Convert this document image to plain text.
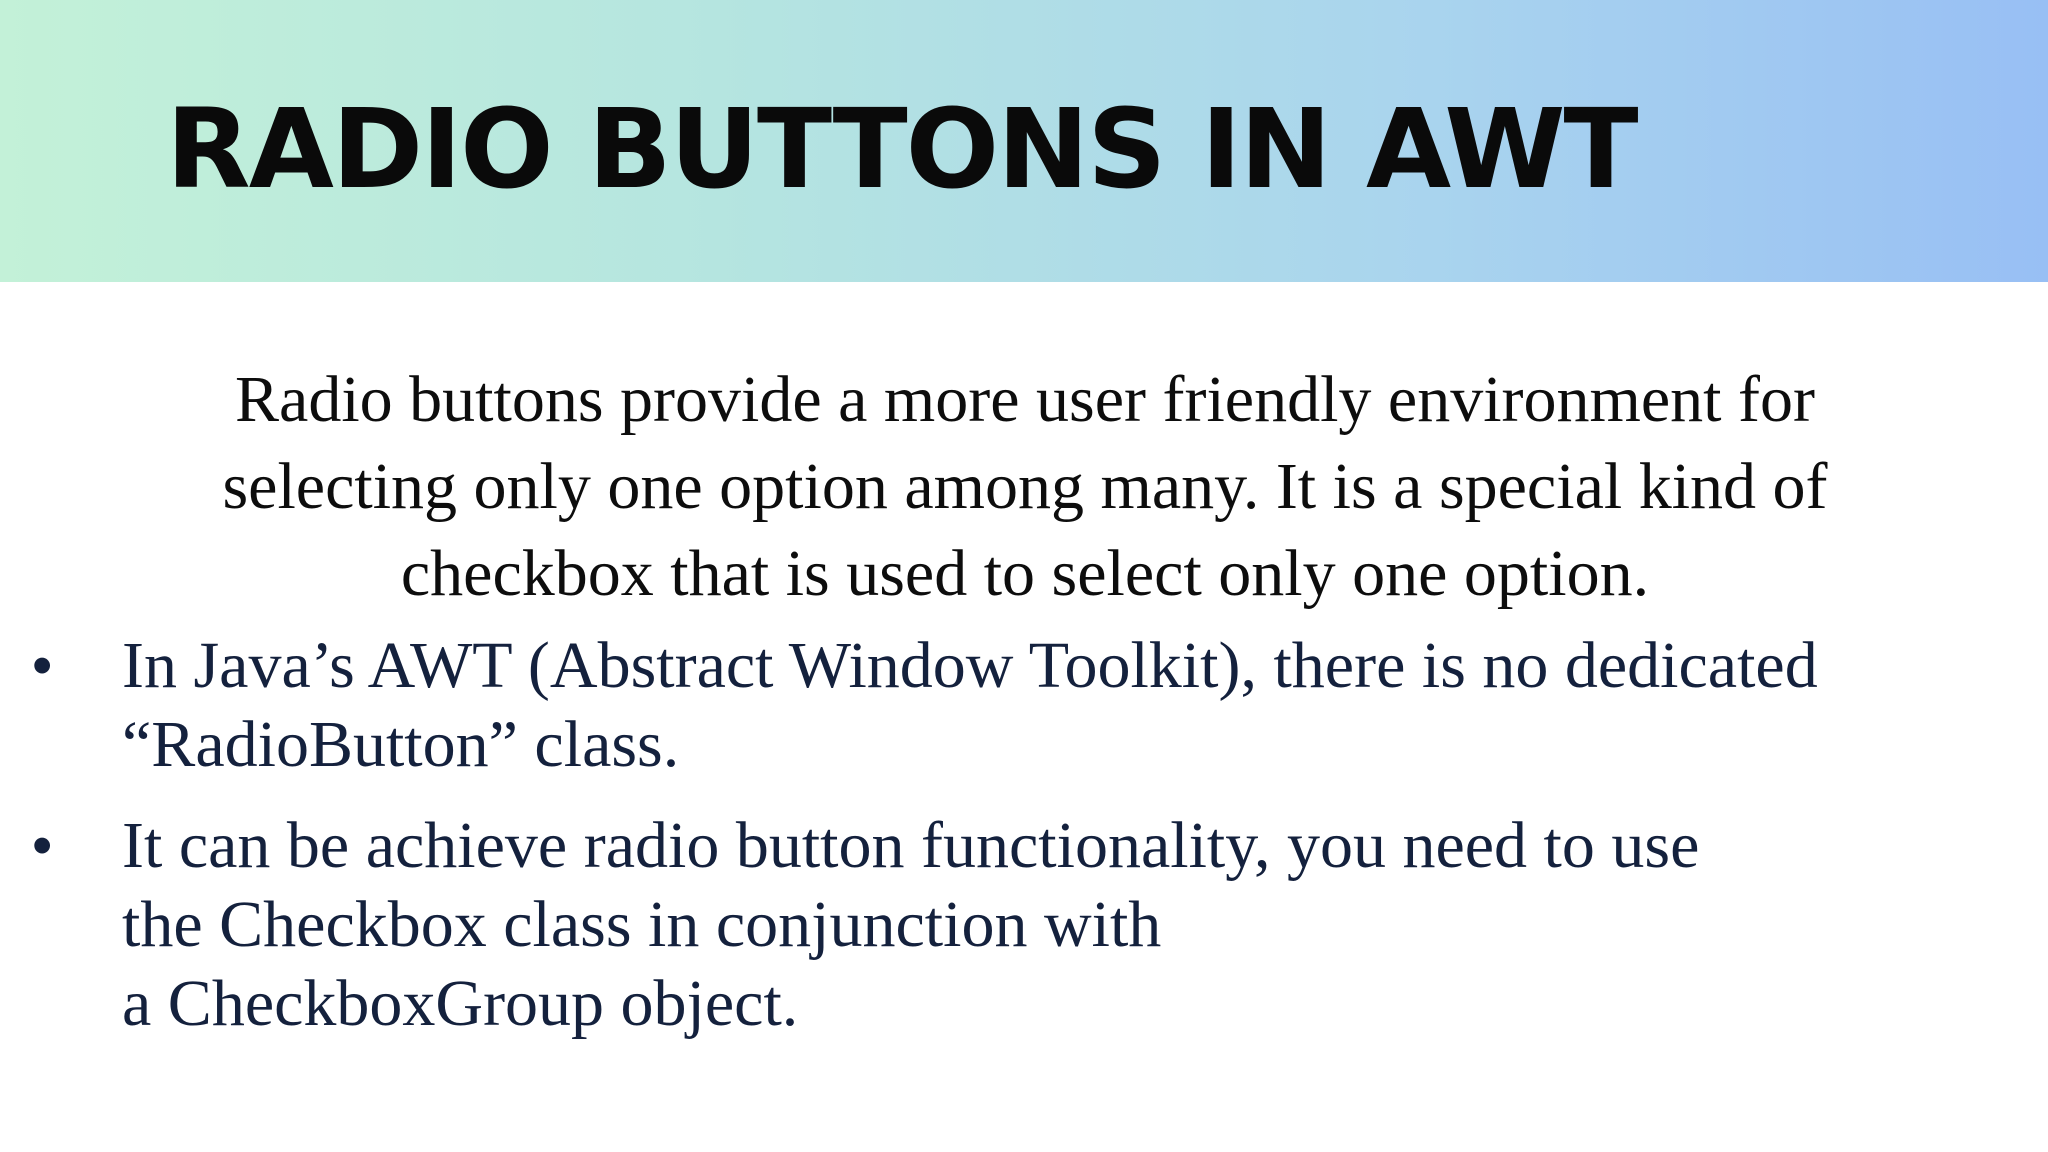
RADIO BUTTONS IN AWT

Radio buttons provide a more user friendly environment for
selecting only one option among many. It is a special kind of
checkbox that is used to select only one option.

• In Java’s AWT (Abstract Window Toolkit), there is no dedicated
“RadioButton” class.
• It can be achieve radio button functionality, you need to use
the Checkbox class in conjunction with
a CheckboxGroup object.
